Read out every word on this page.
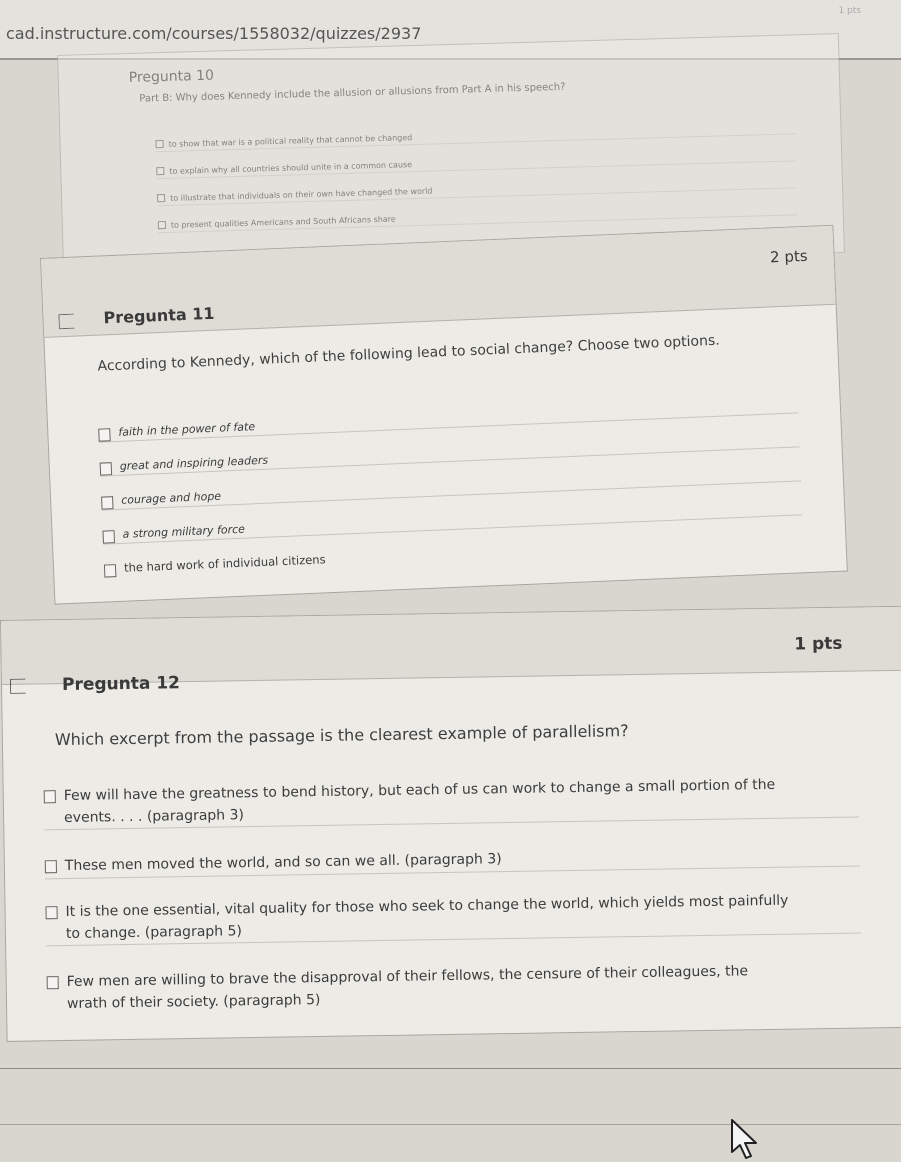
cad.instructure.com/courses/1558032/quizzes/2937
1 pts
Pregunta 10
Part B: Why does Kennedy include the allusion or allusions from Part A in his speech?
to show that war is a political reality that cannot be changed
to explain why all countries should unite in a common cause
to illustrate that individuals on their own have changed the world
to present qualities Americans and South Africans share
Pregunta 11
2 pts
According to Kennedy, which of the following lead to social change? Choose two options.
faith in the power of fate
great and inspiring leaders
courage and hope
a strong military force
the hard work of individual citizens
Pregunta 12
1 pts
Which excerpt from the passage is the clearest example of parallelism?
Few will have the greatness to bend history, but each of us can work to change a small portion of the
events. . . . (paragraph 3)
These men moved the world, and so can we all. (paragraph 3)
It is the one essential, vital quality for those who seek to change the world, which yields most painfully
to change. (paragraph 5)
Few men are willing to brave the disapproval of their fellows, the censure of their colleagues, the
wrath of their society. (paragraph 5)
